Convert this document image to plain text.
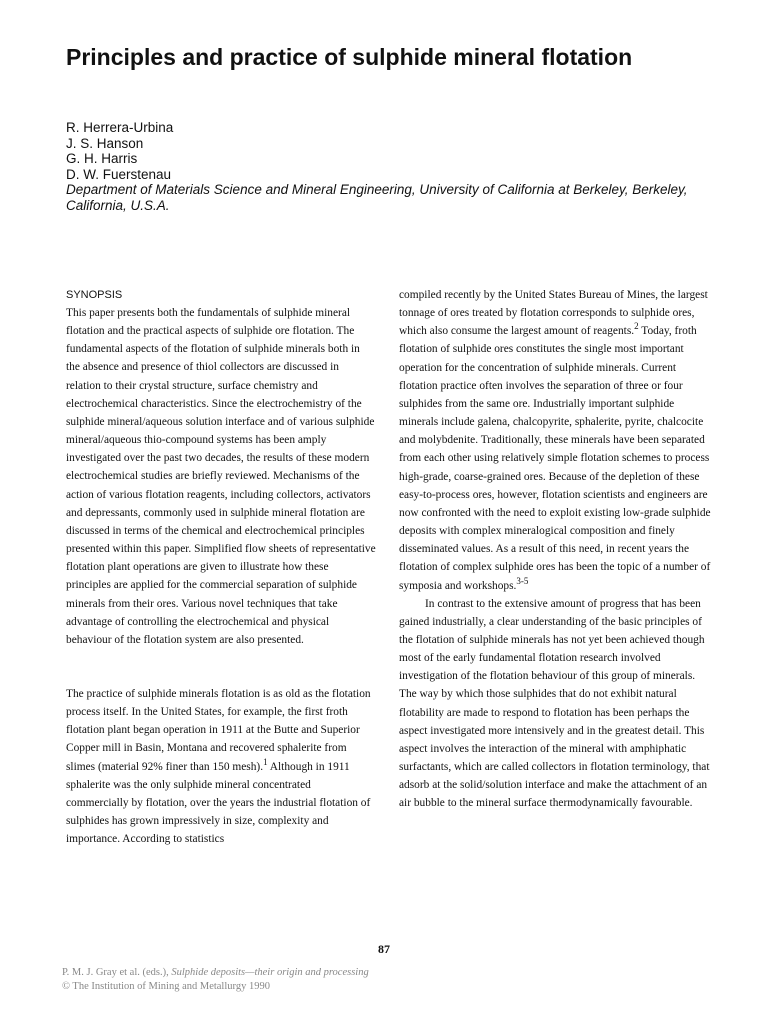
Principles and practice of sulphide mineral flotation
R. Herrera-Urbina
J. S. Hanson
G. H. Harris
D. W. Fuerstenau
Department of Materials Science and Mineral Engineering, University of California at Berkeley, Berkeley, California, U.S.A.
SYNOPSIS

This paper presents both the fundamentals of sulphide mineral flotation and the practical aspects of sulphide ore flotation. The fundamental aspects of the flotation of sulphide minerals both in the absence and presence of thiol collectors are discussed in relation to their crystal structure, surface chemistry and electrochemical characteristics. Since the electrochemistry of the sulphide mineral/aqueous solution interface and of various sulphide mineral/aqueous thio-compound systems has been amply investigated over the past two decades, the results of these modern electrochemical studies are briefly reviewed. Mechanisms of the action of various flotation reagents, including collectors, activators and depressants, commonly used in sulphide mineral flotation are discussed in terms of the chemical and electrochemical principles presented within this paper. Simplified flow sheets of representative flotation plant operations are given to illustrate how these principles are applied for the commercial separation of sulphide minerals from their ores. Various novel techniques that take advantage of controlling the electrochemical and physical behaviour of the flotation system are also presented.

The practice of sulphide minerals flotation is as old as the flotation process itself. In the United States, for example, the first froth flotation plant began operation in 1911 at the Butte and Superior Copper mill in Basin, Montana and recovered sphalerite from slimes (material 92% finer than 150 mesh).$^1$ Although in 1911 sphalerite was the only sulphide mineral concentrated commercially by flotation, over the years the industrial flotation of sulphides has grown impressively in size, complexity and importance. According to statistics

compiled recently by the United States Bureau of Mines, the largest tonnage of ores treated by flotation corresponds to sulphide ores, which also consume the largest amount of reagents.$^2$ Today, froth flotation of sulphide ores constitutes the single most important operation for the concentration of sulphide minerals. Current flotation practice often involves the separation of three or four sulphides from the same ore. Industrially important sulphide minerals include galena, chalcopyrite, sphalerite, pyrite, chalcocite and molybdenite. Traditionally, these minerals have been separated from each other using relatively simple flotation schemes to process high-grade, coarse-grained ores. Because of the depletion of these easy-to-process ores, however, flotation scientists and engineers are now confronted with the need to exploit existing low-grade sulphide deposits with complex mineralogical composition and finely disseminated values. As a result of this need, in recent years the flotation of complex sulphide ores has been the topic of a number of symposia and workshops.$^{3-5}$

In contrast to the extensive amount of progress that has been gained industrially, a clear understanding of the basic principles of the flotation of sulphide minerals has not yet been achieved though most of the early fundamental flotation research involved investigation of the flotation behaviour of this group of minerals. The way by which those sulphides that do not exhibit natural flotability are made to respond to flotation has been perhaps the aspect investigated more intensively and in the greatest detail. This aspect involves the interaction of the mineral with amphiphatic surfactants, which are called collectors in flotation terminology, that adsorb at the solid/solution interface and make the attachment of an air bubble to the mineral surface thermodynamically favourable.

87
P. M. J. Gray et al. (eds.), Sulphide deposits—their origin and processing
© The Institution of Mining and Metallurgy 1990
